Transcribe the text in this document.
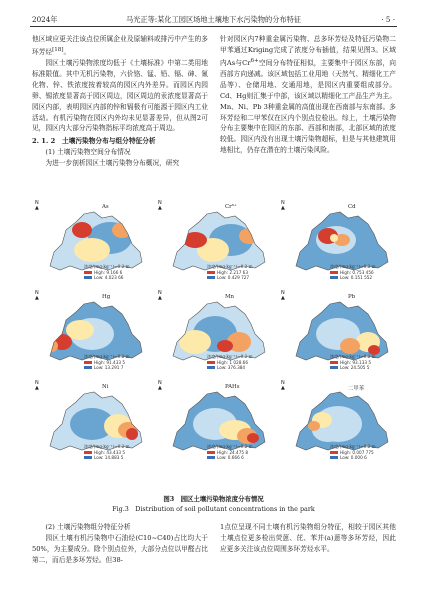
2024年	马光正等:某化工园区场地土壤地下水污染物的分布特征	· 5 ·

他区域应更关注该点位所属企业及原辅料或排污中产生的多环芳烃[18]。

园区土壤污染物浓度均低于《土壤标准》中第二类用地标准限值。其中无机污染物，六价铬、锰、铅、镉、砷、氰化物、锌、铁浓度按着较高的园区内外差异。而园区内园卵、锡浓度显著高于园区周边，园区周边的汞浓度显著高于园区内部，表明园区内部的锌和镉极有可能源于园区内工业活动。有机污染物在园区内外均未见显著差异，但从图2可见，园区内大部分污染物指标平均浓度高于周边。

2. 1. 2　土壤污染物分布与组分特征分析

(1) 土壤污染物空间分布情况

为进一步剖析园区土壤污染物分布概况，研究

针对园区内7种重金属污染物、总多环芳烃及特征污染物二甲苯通过Kriging完成了浓度分布插值，结果见图3。区域内As与$Cr^{6+}$空间分布特征相似，主要集中于园区东部，向西部方向递减。该区域包括工业用地（天然气、精细化工产品等）、仓储用地、交通用地，是园区内重要组成部分。Cd、Hg则汇集于中部，该区域以精细化工产品生产为主。Mn、Ni、Pb 3种重金属的高值出现在西南部与东南部。多环芳烃和二甲苯仅在区内个别点位检出。综上，土壤污染物分布主要集中在园区的东部、西部和南部，北部区域的浓度较低。园区内没有出现土壤污染物超标，但是与其他建筑用地相比，仍存在潜在的土壤污染风险。

N
▲	As
浓度/(mg·kg⁻¹)~0.2 m
High: 9.166 6
Low: 4.023 66
N
▲	Cr⁶⁺
浓度/(mg·kg⁻¹)~0.2 m
High: 2.217 63
Low: 0.429 727
N
▲	Cd
浓度/(mg·kg⁻¹)~0.2 m
High: 0.753 456
Low: 0.151 552
N
▲	Hg
浓度/(mg·kg⁻¹)~0.2 m
High: 91.433 5
Low: 13.291 7
N
▲	Mn
浓度/(mg·kg⁻¹)~0.2 m
High: 1 028.66
Low: 376.384
N
▲	Pb
浓度/(mg·kg⁻¹)~0.2 m
High: 93.133 5
Low: 24.505 5
N
▲	Ni
浓度/(mg·kg⁻¹)~0.2 m
High: 43.433 5
Low: 14.883 5
N
▲	PAHs
浓度/(mg·kg⁻¹)~0.2 m
High: 24.475 8
Low: 0.666 6
N
▲	二甲苯
浓度/(mg·kg⁻¹)~0.2 m
High: 0.007 775
Low: 0.000 6
图3　园区土壤污染物浓度分布情况
Fig.3　Distribution of soil pollutant concentrations in the park

(2) 土壤污染物组分特征分析

园区土壤有机污染物中石油烃(C10~C40)占比均大于50%，为主要成分。除个别点位外，大部分点位以甲醛占比第二，而后是多环芳烃。但38-

1点位呈现不同土壤有机污染物组分特征，相较于园区其他土壤点位更多检出荧蒽、芘、苯并(a)蒽等多环芳烃，因此应更多关注该点位周围多环芳烃水平。
